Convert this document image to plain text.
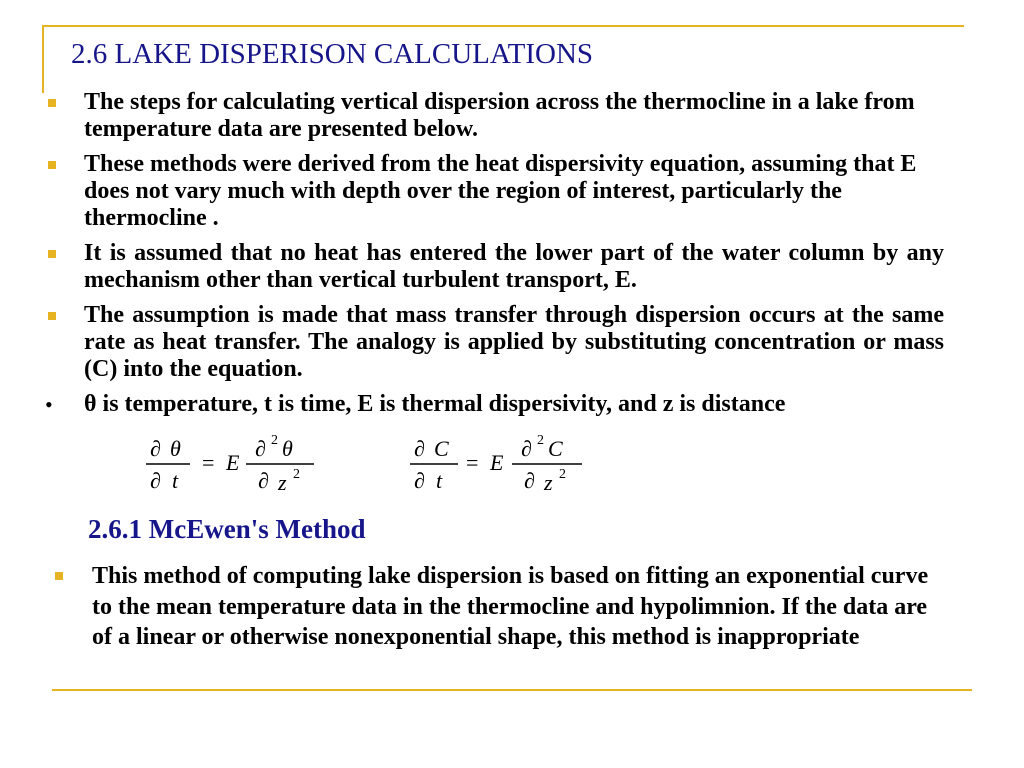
2.6 LAKE DISPERISON CALCULATIONS
The steps for calculating vertical dispersion across the thermocline in a lake from temperature data are presented below.
These methods were derived from the heat dispersivity equation, assuming that E does not vary much with depth over the region of interest, particularly the thermocline .
It is assumed that no heat has entered the lower part of the water column by any mechanism other than vertical turbulent transport, E.
The assumption is made that mass transfer through dispersion occurs at the same rate as heat transfer. The analogy is applied by substituting concentration or mass (C) into the equation.
• θ is temperature, t is time, E is thermal dispersivity, and z is distance
∂ θ
∂ t
= E
∂ 2 θ
∂ z 2
∂ C
∂ t
= E
∂ 2 C
∂ z 2
2.6.1 McEwen's Method
This method of computing lake dispersion is based on fitting an exponential curve to the mean temperature data in the thermocline and hypolimnion. If the data are of a linear or otherwise nonexponential shape, this method is inappropriate
